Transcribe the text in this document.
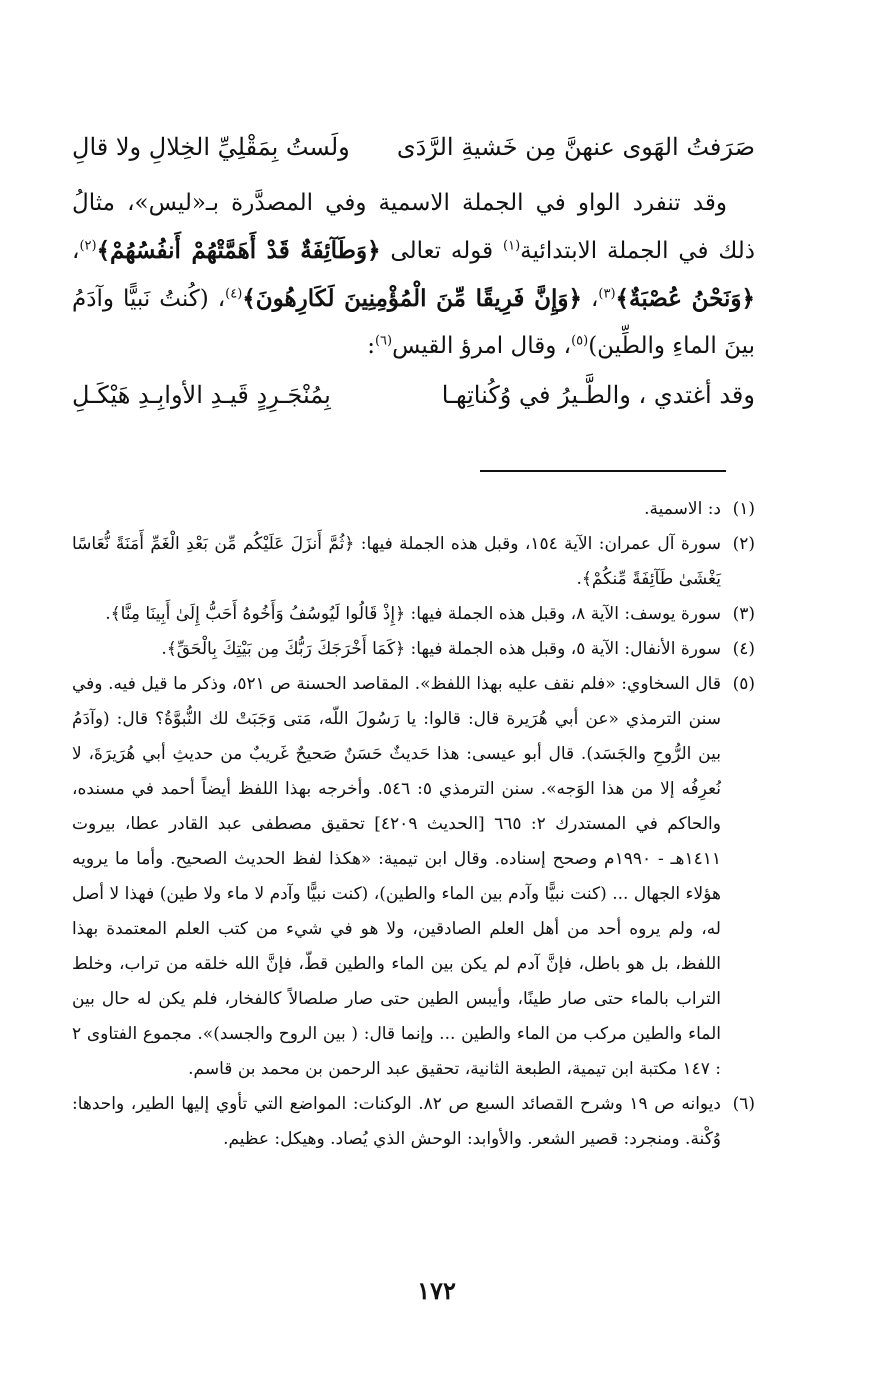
صَرَفتُ الهَوى عنهنَّ مِن خَشيةِ الرَّدَى
ولَستُ بِمَقْلِيِّ الخِلالِ ولا قالِ

وقد تنفرد الواو في الجملة الاسمية وفي المصدَّرة بـ«ليس»، مثالُ ذلك في الجملة الابتدائية$^{(١)}$ قوله تعالى ﴿وَطَآئِفَةٌ قَدْ أَهَمَّتْهُمْ أَنفُسُهُمْ﴾$^{(٢)}$، ﴿وَنَحْنُ عُصْبَةٌ﴾$^{(٣)}$، ﴿وَإِنَّ فَرِيقًا مِّنَ الْمُؤْمِنِينَ لَكَارِهُونَ﴾$^{(٤)}$، (كُنتُ نَبيًّا وآدَمُ بينَ الماءِ والطِّين)$^{(٥)}$، وقال امرؤ القيس$^{(٦)}$:

وقد أغتدي ، والطَّـيرُ في وُكُناتِهـا
بِمُنْجَـرِدٍ قَيـدِ الأوابِـدِ هَيْكَـلِ

(١)
د: الاسمية.

(٢)
سورة آل عمران: الآية ١٥٤، وقبل هذه الجملة فيها: ﴿ثُمَّ أَنزَلَ عَلَيْكُم مِّن بَعْدِ الْغَمِّ أَمَنَةً نُّعَاسًا يَغْشَىٰ طَآئِفَةً مِّنكُمْ﴾.

(٣)
سورة يوسف: الآية ٨، وقبل هذه الجملة فيها: ﴿إِذْ قَالُوا لَيُوسُفُ وَأَخُوهُ أَحَبُّ إِلَىٰ أَبِينَا مِنَّا﴾.

(٤)
سورة الأنفال: الآية ٥، وقبل هذه الجملة فيها: ﴿كَمَا أَخْرَجَكَ رَبُّكَ مِن بَيْتِكَ بِالْحَقِّ﴾.

(٥)
قال السخاوي: «فلم نقف عليه بهذا اللفظ». المقاصد الحسنة ص ٥٢١، وذكر ما قيل فيه. وفي سنن الترمذي «عن أبي هُرَيرة قال: قالوا: يا رَسُولَ اللّه، مَتى وَجَبَتْ لك النُّبوَّةُ؟ قال: (وآدَمُ بين الرُّوحِ والجَسَد). قال أبو عيسى: هذا حَديثٌ حَسَنٌ صَحيحٌ غَريبٌ من حديثِ أبي هُرَيرَةَ، لا نُعرِفُه إلا من هذا الوَجه». سنن الترمذي ٥: ٥٤٦. وأخرجه بهذا اللفظ أيضاً أحمد في مسنده، والحاكم في المستدرك ٢: ٦٦٥ [الحديث ٤٢٠٩] تحقيق مصطفى عبد القادر عطا، بيروت ١٤١١هـ - ١٩٩٠م وصحح إسناده. وقال ابن تيمية: «هكذا لفظ الحديث الصحيح. وأما ما يرويه هؤلاء الجهال ... (كنت نبيًّا وآدم بين الماء والطين)، (كنت نبيًّا وآدم لا ماء ولا طين) فهذا لا أصل له، ولم يروه أحد من أهل العلم الصادقين، ولا هو في شيء من كتب العلم المعتمدة بهذا اللفظ، بل هو باطل، فإنَّ آدم لم يكن بين الماء والطين قطّ، فإنَّ الله خلقه من تراب، وخلط التراب بالماء حتى صار طينًا، وأيبس الطين حتى صار صلصالاً كالفخار، فلم يكن له حال بين الماء والطين مركب من الماء والطين ... وإنما قال: ( بين الروح والجسد)». مجموع الفتاوى ٢ : ١٤٧ مكتبة ابن تيمية، الطبعة الثانية، تحقيق عبد الرحمن بن محمد بن قاسم.

(٦)
ديوانه ص ١٩ وشرح القصائد السبع ص ٨٢. الوكنات: المواضع التي تأوي إليها الطير، واحدها: وُكْنة. ومنجرد: قصير الشعر. والأوابد: الوحش الذي يُصاد. وهيكل: عظيم.

١٧٢
